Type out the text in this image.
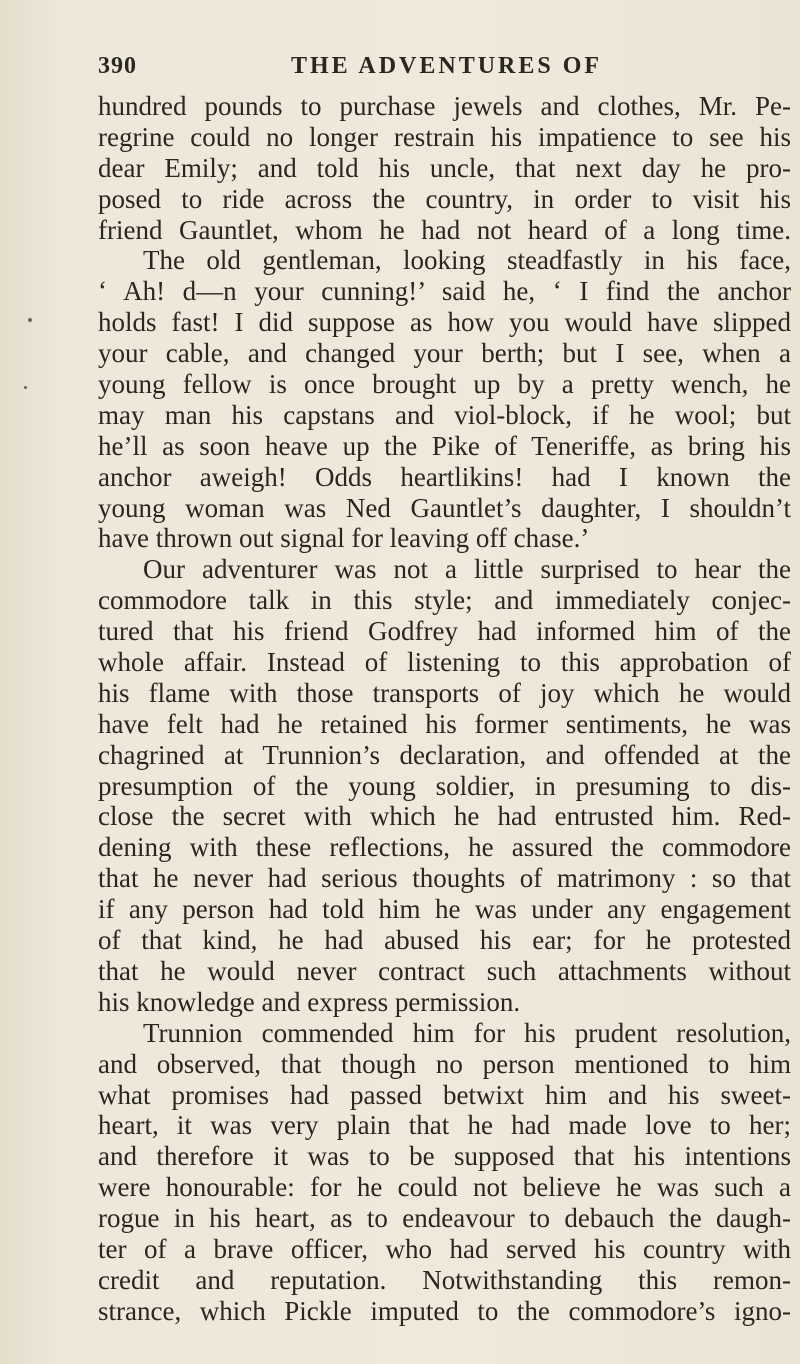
390	THE ADVENTURES OF
hundred pounds to purchase jewels and clothes, Mr. Pe-
regrine could no longer restrain his impatience to see his
dear Emily; and told his uncle, that next day he pro-
posed to ride across the country, in order to visit his
friend Gauntlet, whom he had not heard of a long time.
The old gentleman, looking steadfastly in his face,
‘ Ah! d—n your cunning!’ said he, ‘ I find the anchor
holds fast! I did suppose as how you would have slipped
your cable, and changed your berth; but I see, when a
young fellow is once brought up by a pretty wench, he
may man his capstans and viol-block, if he wool; but
he’ll as soon heave up the Pike of Teneriffe, as bring his
anchor aweigh! Odds heartlikins! had I known the
young woman was Ned Gauntlet’s daughter, I shouldn’t
have thrown out signal for leaving off chase.’
Our adventurer was not a little surprised to hear the
commodore talk in this style; and immediately conjec-
tured that his friend Godfrey had informed him of the
whole affair. Instead of listening to this approbation of
his flame with those transports of joy which he would
have felt had he retained his former sentiments, he was
chagrined at Trunnion’s declaration, and offended at the
presumption of the young soldier, in presuming to dis-
close the secret with which he had entrusted him. Red-
dening with these reflections, he assured the commodore
that he never had serious thoughts of matrimony : so that
if any person had told him he was under any engagement
of that kind, he had abused his ear; for he protested
that he would never contract such attachments without
his knowledge and express permission.
Trunnion commended him for his prudent resolution,
and observed, that though no person mentioned to him
what promises had passed betwixt him and his sweet-
heart, it was very plain that he had made love to her;
and therefore it was to be supposed that his intentions
were honourable: for he could not believe he was such a
rogue in his heart, as to endeavour to debauch the daugh-
ter of a brave officer, who had served his country with
credit and reputation. Notwithstanding this remon-
strance, which Pickle imputed to the commodore’s igno-
